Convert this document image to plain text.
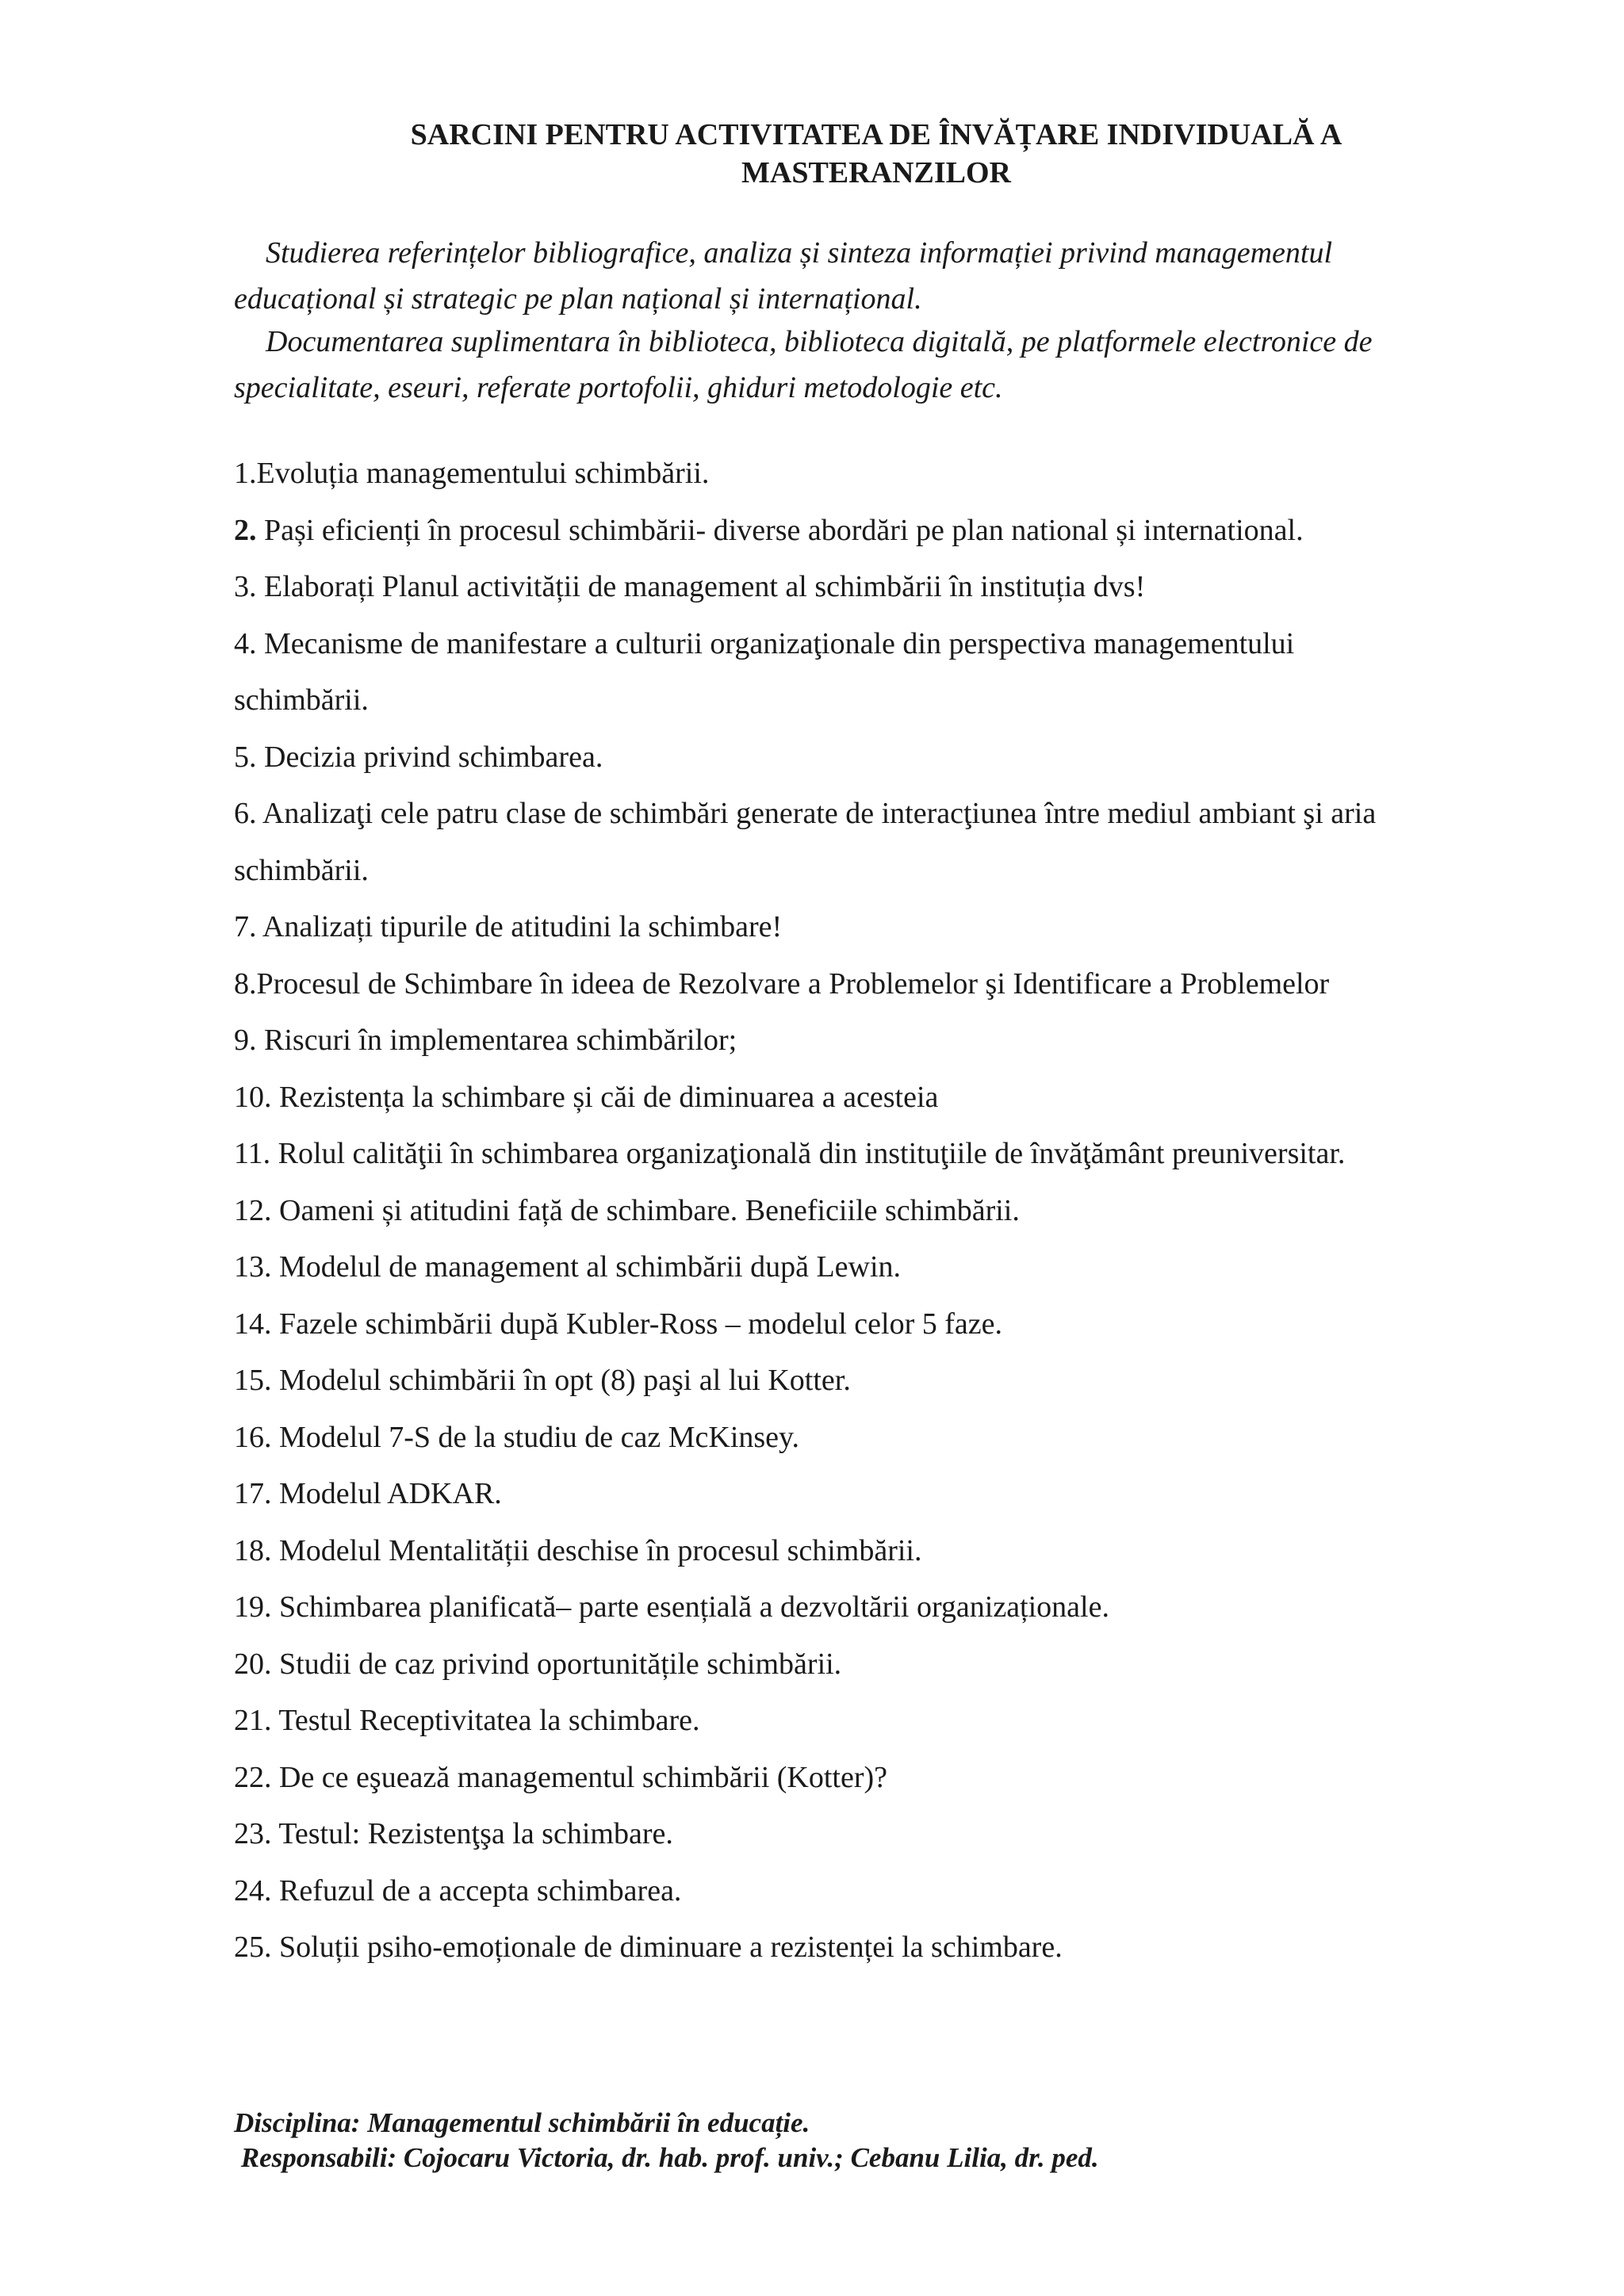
SARCINI PENTRU ACTIVITATEA DE ÎNVĂȚARE INDIVIDUALĂ A
MASTERANZILOR
Studierea referințelor bibliografice, analiza și sinteza informației privind managementul
educațional și strategic pe plan național și internațional.
Documentarea suplimentara în biblioteca, biblioteca digitală, pe platformele electronice de
specialitate, eseuri, referate portofolii, ghiduri metodologie etc.
1.Evoluția managementului schimbării.
2. Pași eficienți în procesul schimbării- diverse abordări pe plan national și international.
3. Elaborați Planul activității de management al schimbării în instituția dvs!
4. Mecanisme de manifestare a culturii organizaţionale din perspectiva managementului
schimbării.
5. Decizia privind schimbarea.
6. Analizaţi cele patru clase de schimbări generate de interacţiunea între mediul ambiant şi aria
schimbării.
7. Analizați tipurile de atitudini la schimbare!
8.Procesul de Schimbare în ideea de Rezolvare a Problemelor şi Identificare a Problemelor
9. Riscuri în implementarea schimbărilor;
10. Rezistența la schimbare și căi de diminuarea a acesteia
11. Rolul calităţii în schimbarea organizaţională din instituţiile de învăţământ preuniversitar.
12. Oameni și atitudini față de schimbare. Beneficiile schimbării.
13. Modelul de management al schimbării după Lewin.
14. Fazele schimbării după Kubler-Ross – modelul celor 5 faze.
15. Modelul schimbării în opt (8) paşi al lui Kotter.
16. Modelul 7-S de la studiu de caz McKinsey.
17. Modelul ADKAR.
18. Modelul Mentalității deschise în procesul schimbării.
19. Schimbarea planificată– parte esențială a dezvoltării organizaționale.
20. Studii de caz privind oportunitățile schimbării.
21. Testul Receptivitatea la schimbare.
22. De ce eşuează managementul schimbării (Kotter)?
23. Testul: Rezistenţşa la schimbare.
24. Refuzul de a accepta schimbarea.
25. Soluții psiho-emoționale de diminuare a rezistenței la schimbare.
Disciplina: Managementul schimbării în educație.
Responsabili: Cojocaru Victoria, dr. hab. prof. univ.; Cebanu Lilia, dr. ped.
